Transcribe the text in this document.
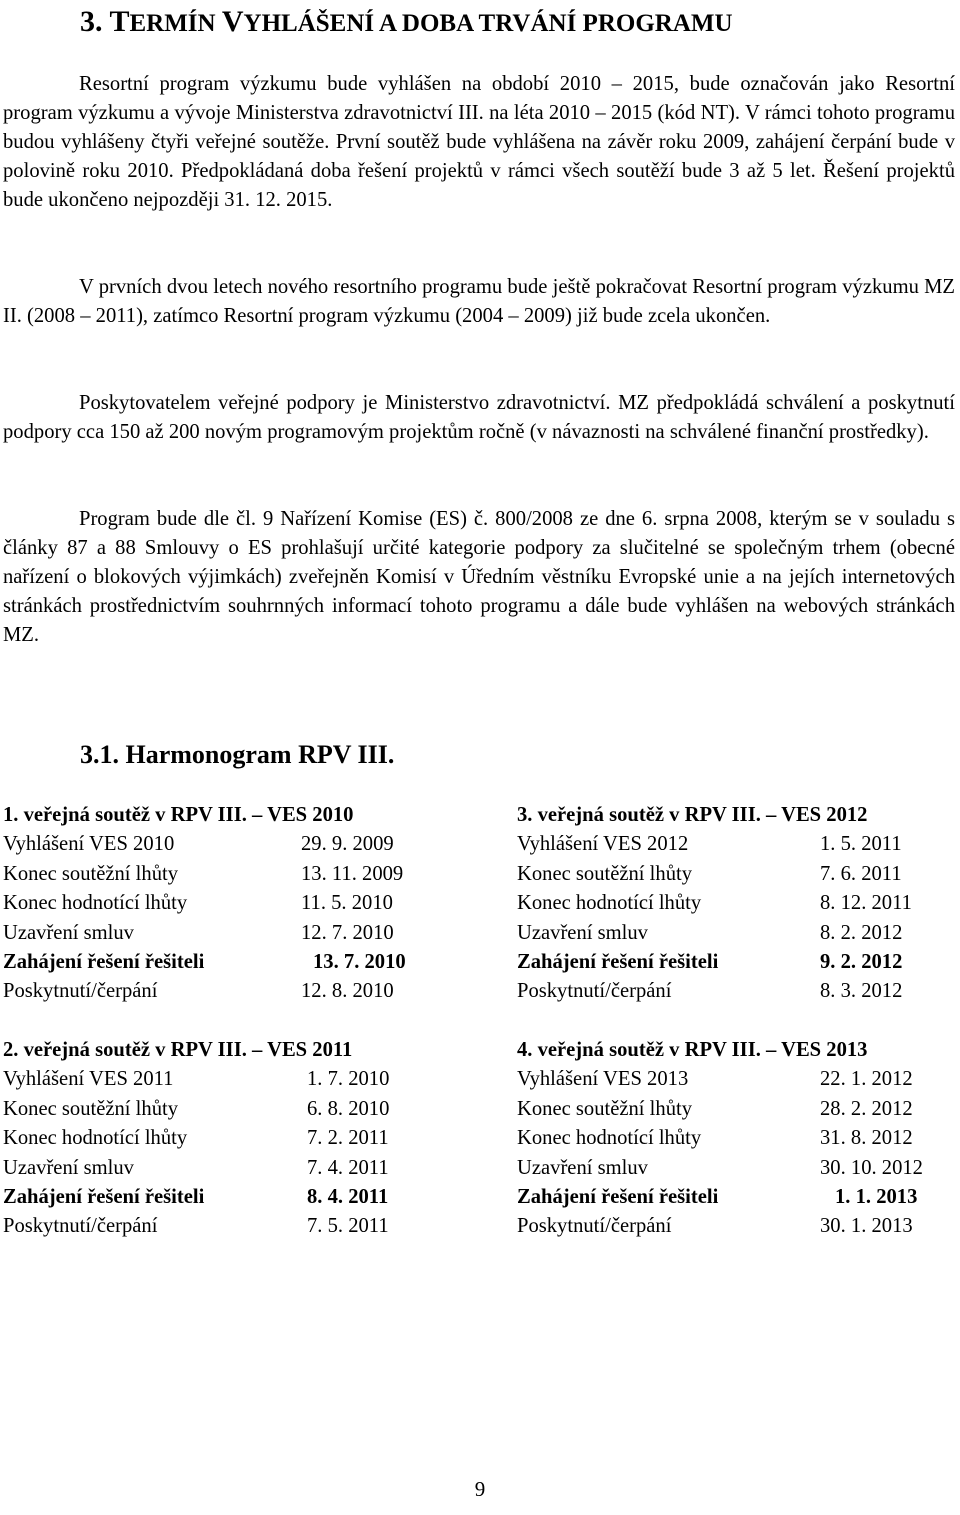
3. TERMÍN VYHLÁŠENÍ A DOBA TRVÁNÍ PROGRAMU

Resortní program výzkumu bude vyhlášen na období 2010 – 2015, bude označován jako Resortní program výzkumu a vývoje Ministerstva zdravotnictví III. na léta 2010 – 2015 (kód NT). V rámci tohoto programu budou vyhlášeny čtyři veřejné soutěže. První soutěž bude vyhlášena na závěr roku 2009, zahájení čerpání bude v polovině roku 2010. Předpokládaná doba řešení projektů v rámci všech soutěží bude 3 až 5 let. Řešení projektů bude ukončeno nejpozději 31. 12. 2015.

V prvních dvou letech nového resortního programu bude ještě pokračovat Resortní program výzkumu MZ II. (2008 – 2011), zatímco Resortní program výzkumu (2004 – 2009) již bude zcela ukončen.

Poskytovatelem veřejné podpory je Ministerstvo zdravotnictví. MZ předpokládá schválení a poskytnutí podpory cca 150 až 200 novým programovým projektům ročně (v návaznosti na schválené finanční prostředky).

Program bude dle čl. 9 Nařízení Komise (ES) č. 800/2008 ze dne 6. srpna 2008, kterým se v souladu s články 87 a 88 Smlouvy o ES prohlašují určité kategorie podpory za slučitelné se společným trhem (obecné nařízení o blokových výjimkách) zveřejněn Komisí v Úředním věstníku Evropské unie a na jejích internetových stránkách prostřednictvím souhrnných informací tohoto programu a dále bude vyhlášen na webových stránkách MZ.

3.1. Harmonogram RPV III.
1. veřejná soutěž v RPV III. – VES 2010
Vyhlášení VES 2010	29. 9. 2009
Konec soutěžní lhůty	13. 11. 2009
Konec hodnotící lhůty	11. 5. 2010
Uzavření smluv	12. 7. 2010
Zahájení řešení řešiteli	13. 7. 2010
Poskytnutí/čerpání	12. 8. 2010
2. veřejná soutěž v RPV III. – VES 2011
Vyhlášení VES 2011	1. 7. 2010
Konec soutěžní lhůty	6. 8. 2010
Konec hodnotící lhůty	7. 2. 2011
Uzavření smluv	7. 4. 2011
Zahájení řešení řešiteli	8. 4. 2011
Poskytnutí/čerpání	7. 5. 2011
3. veřejná soutěž v RPV III. – VES 2012
Vyhlášení VES 2012	1. 5. 2011
Konec soutěžní lhůty	7. 6. 2011
Konec hodnotící lhůty	8. 12. 2011
Uzavření smluv	8. 2. 2012
Zahájení řešení řešiteli	9. 2. 2012
Poskytnutí/čerpání	8. 3. 2012
4. veřejná soutěž v RPV III. – VES 2013
Vyhlášení VES 2013	22. 1. 2012
Konec soutěžní lhůty	28. 2. 2012
Konec hodnotící lhůty	31. 8. 2012
Uzavření smluv	30. 10. 2012
Zahájení řešení řešiteli	1. 1. 2013
Poskytnutí/čerpání	30. 1. 2013
9
